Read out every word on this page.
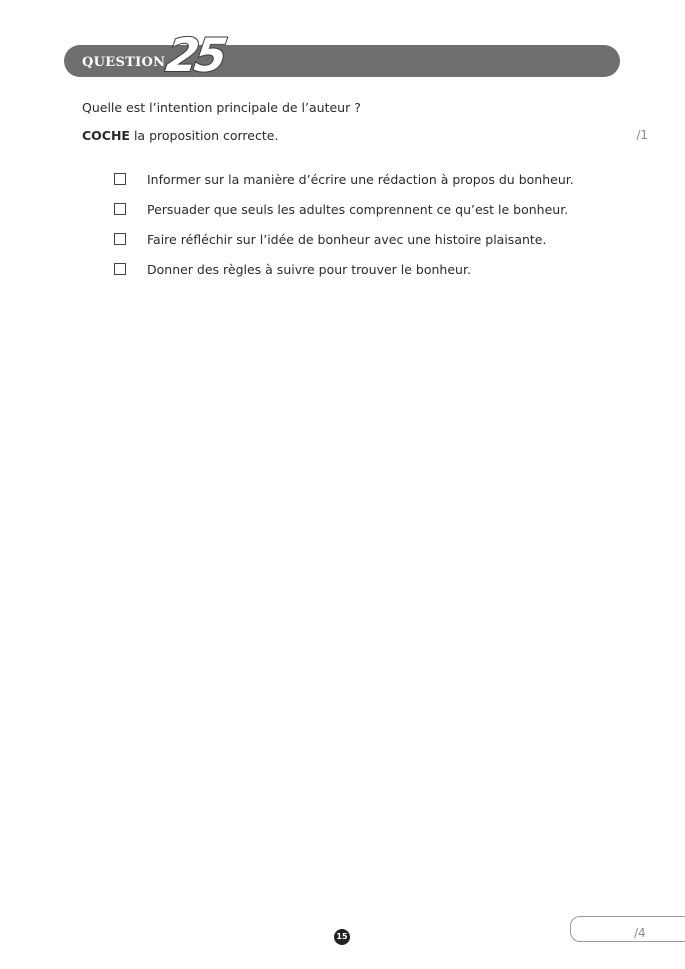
QUESTION
25
Quelle est l’intention principale de l’auteur ?
COCHE la proposition correcte.	/1
Informer sur la manière d’écrire une rédaction à propos du bonheur.
Persuader que seuls les adultes comprennent ce qu’est le bonheur.
Faire réfléchir sur l’idée de bonheur avec une histoire plaisante.
Donner des règles à suivre pour trouver le bonheur.
15	/4
